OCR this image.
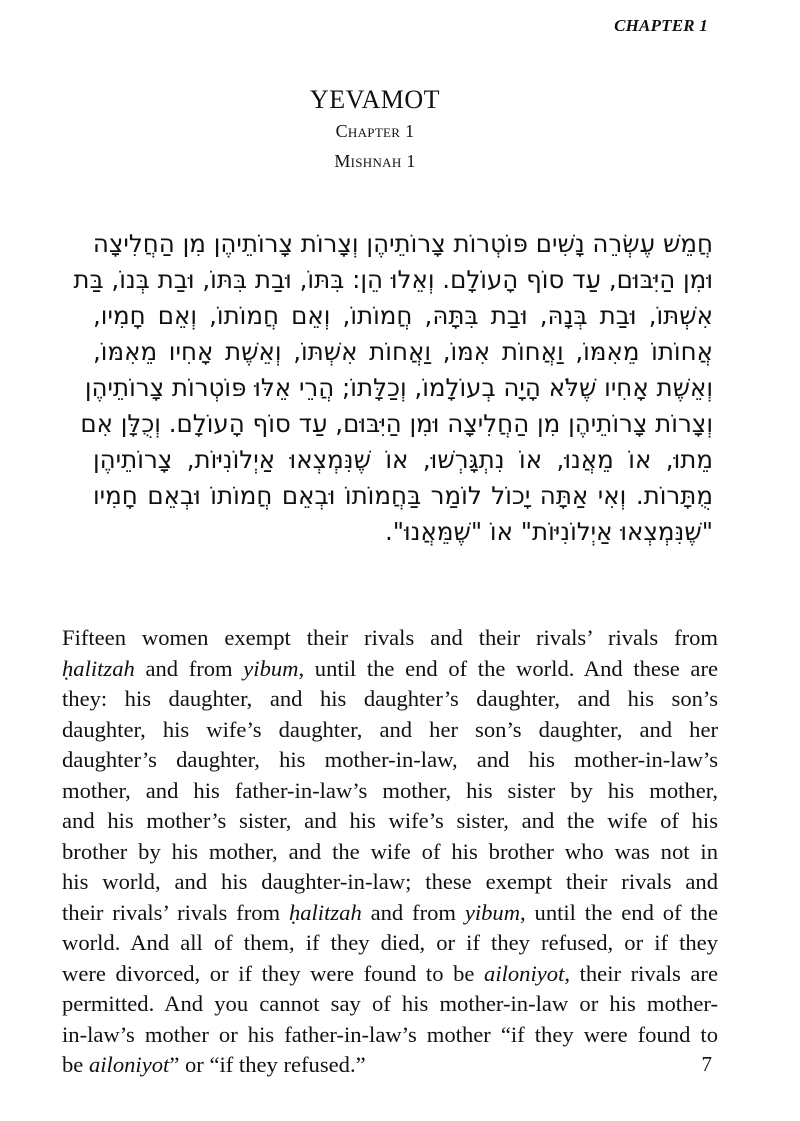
CHAPTER 1
YEVAMOT
Chapter 1
Mishnah 1
חֲמֵשׁ עֶשְׂרֵה נָשִׁים פּוֹטְרוֹת צָרוֹתֵיהֶן וְצָרוֹת צָרוֹתֵיהֶן מִן הַחֲלִיצָה
וּמִן הַיִּבּוּם, עַד סוֹף הָעוֹלָם. וְאֵלוּ הֵן: בִּתּוֹ, וּבַת בִּתּוֹ, וּבַת בְּנוֹ, בַּת
אִשְׁתּוֹ, וּבַת בְּנָהּ, וּבַת בִּתָּהּ, חֲמוֹתוֹ, וְאֵם חֲמוֹתוֹ, וְאֵם חָמִיו,
אֲחוֹתוֹ מֵאִמּוֹ, וַאֲחוֹת אִמּוֹ, וַאֲחוֹת אִשְׁתּוֹ, וְאֵשֶׁת אָחִיו מֵאִמּוֹ,
וְאֵשֶׁת אָחִיו שֶׁלֹּא הָיָה בְעוֹלָמוֹ, וְכַלָּתוֹ; הֲרֵי אֵלּוּ פּוֹטְרוֹת צָרוֹתֵיהֶן
וְצָרוֹת צָרוֹתֵיהֶן מִן הַחֲלִיצָה וּמִן הַיִּבּוּם, עַד סוֹף הָעוֹלָם. וְכֻלָּן אִם
מֵתוּ, אוֹ מֵאֲנוּ, אוֹ נִתְגָּרְשׁוּ, אוֹ שֶׁנִּמְצְאוּ אַיְלוֹנִיּוֹת, צָרוֹתֵיהֶן
מֻתָּרוֹת. וְאִי אַתָּה יָכוֹל לוֹמַר בַּחֲמוֹתוֹ וּבְאֵם חֲמוֹתוֹ וּבְאֵם חָמִיו
"שֶׁנִּמְצְאוּ אַיְלוֹנִיּוֹת" אוֹ "שֶׁמֵּאֲנוּ".
Fifteen women exempt their rivals and their rivals’ rivals from
ḥalitzah and from yibum, until the end of the world. And these are
they: his daughter, and his daughter’s daughter, and his son’s
daughter, his wife’s daughter, and her son’s daughter, and her
daughter’s daughter, his mother-in-law, and his mother-in-law’s
mother, and his father-in-law’s mother, his sister by his mother,
and his mother’s sister, and his wife’s sister, and the wife of his
brother by his mother, and the wife of his brother who was not in
his world, and his daughter-in-law; these exempt their rivals and
their rivals’ rivals from ḥalitzah and from yibum, until the end of the
world. And all of them, if they died, or if they refused, or if they
were divorced, or if they were found to be ailoniyot, their rivals are
permitted. And you cannot say of his mother-in-law or his mother-
in-law’s mother or his father-in-law’s mother “if they were found to
be ailoniyot” or “if they refused.”	7
